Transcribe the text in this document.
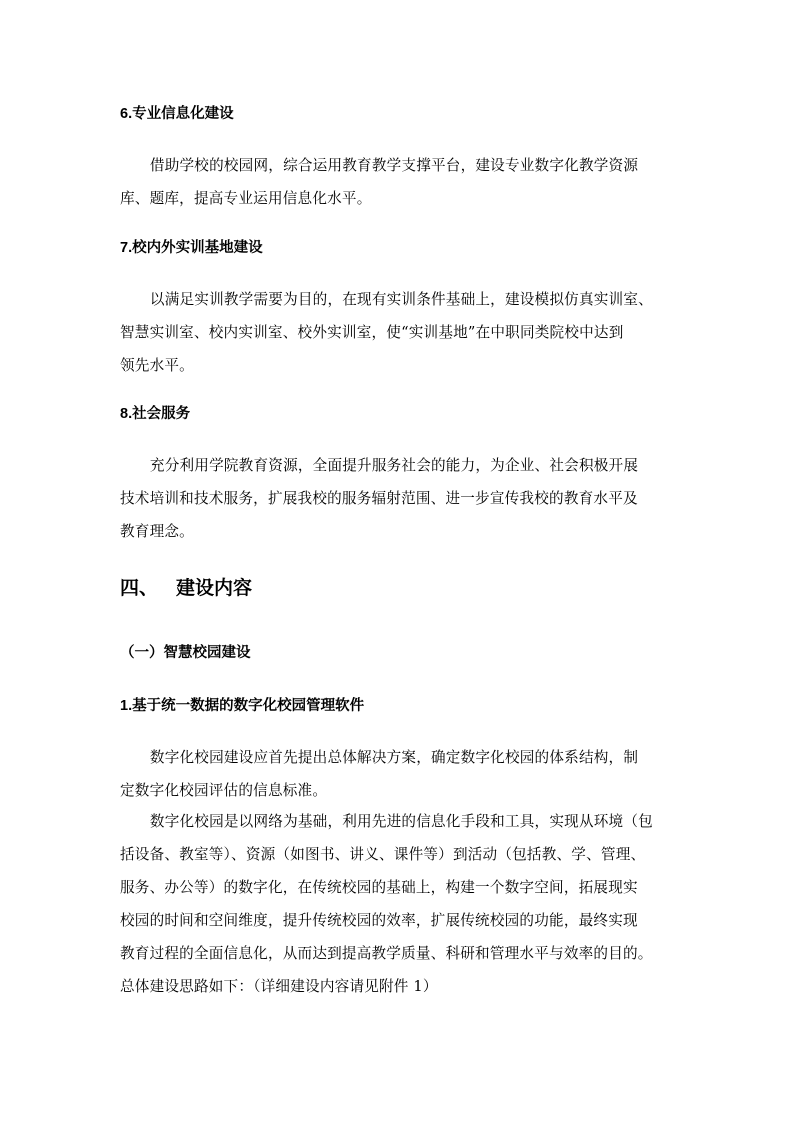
6.专业信息化建设
借助学校的校园网，综合运用教育教学支撑平台，建设专业数字化教学资源
库、题库，提高专业运用信息化水平。
7.校内外实训基地建设
以满足实训教学需要为目的，在现有实训条件基础上，建设模拟仿真实训室、
智慧实训室、校内实训室、校外实训室，使“实训基地”在中职同类院校中达到
领先水平。
8.社会服务
充分利用学院教育资源，全面提升服务社会的能力，为企业、社会积极开展
技术培训和技术服务，扩展我校的服务辐射范围、进一步宣传我校的教育水平及
教育理念。
四、 建设内容
（一）智慧校园建设
1.基于统一数据的数字化校园管理软件
数字化校园建设应首先提出总体解决方案，确定数字化校园的体系结构，制
定数字化校园评估的信息标准。
数字化校园是以网络为基础，利用先进的信息化手段和工具，实现从环境（包
括设备、教室等）、资源（如图书、讲义、课件等）到活动（包括教、学、管理、
服务、办公等）的数字化，在传统校园的基础上，构建一个数字空间，拓展现实
校园的时间和空间维度，提升传统校园的效率，扩展传统校园的功能，最终实现
教育过程的全面信息化，从而达到提高教学质量、科研和管理水平与效率的目的。
总体建设思路如下：（详细建设内容请见附件 1）
